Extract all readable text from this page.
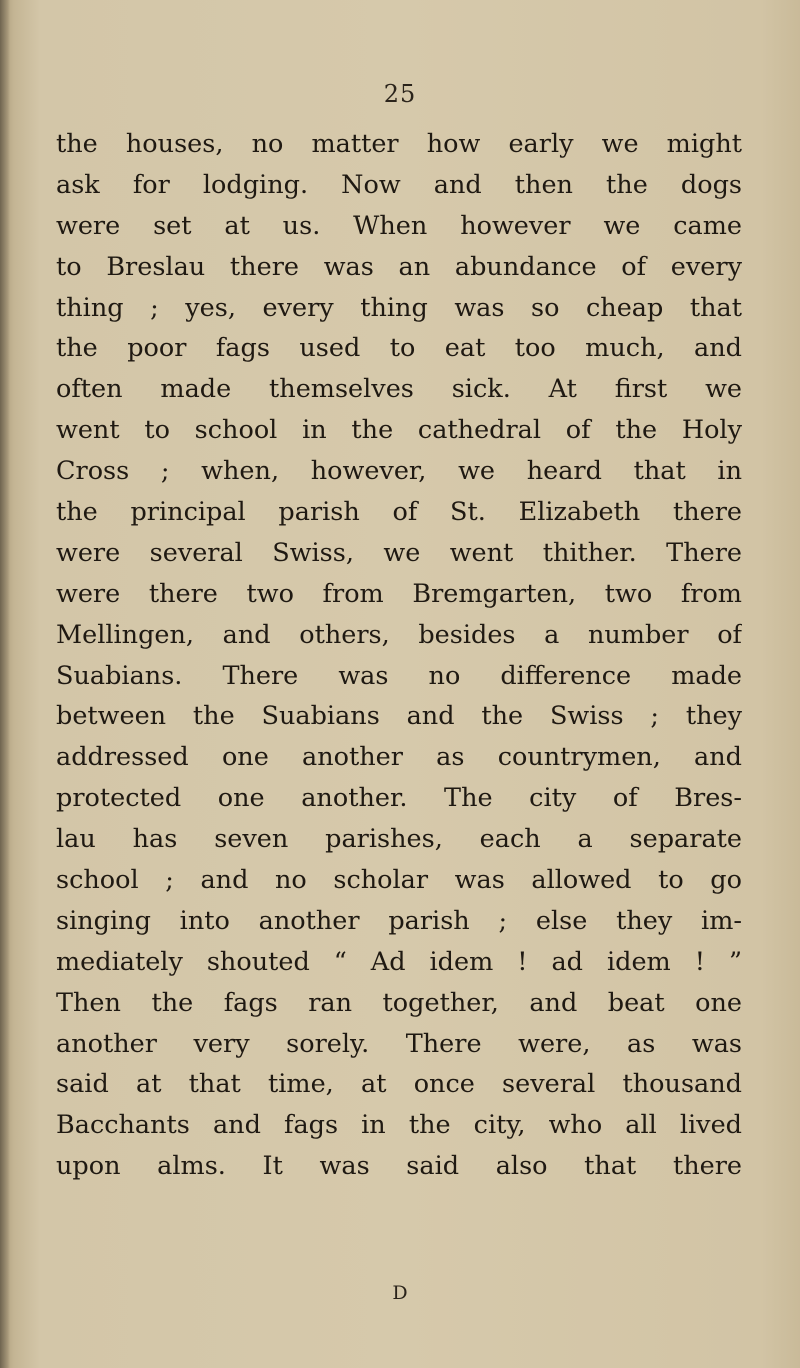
25
the houses, no matter how early we might
ask for lodging. Now and then the dogs
were set at us. When however we came
to Breslau there was an abundance of every
thing ; yes, every thing was so cheap that
the poor fags used to eat too much, and
often made themselves sick. At first we
went to school in the cathedral of the Holy
Cross ; when, however, we heard that in
the principal parish of St. Elizabeth there
were several Swiss, we went thither. There
were there two from Bremgarten, two from
Mellingen, and others, besides a number of
Suabians. There was no difference made
between the Suabians and the Swiss ; they
addressed one another as countrymen, and
protected one another. The city of Bres-
lau has seven parishes, each a separate
school ; and no scholar was allowed to go
singing into another parish ; else they im-
mediately shouted “ Ad idem ! ad idem ! ”
Then the fags ran together, and beat one
another very sorely. There were, as was
said at that time, at once several thousand
Bacchants and fags in the city, who all lived
upon alms. It was said also that there
D
